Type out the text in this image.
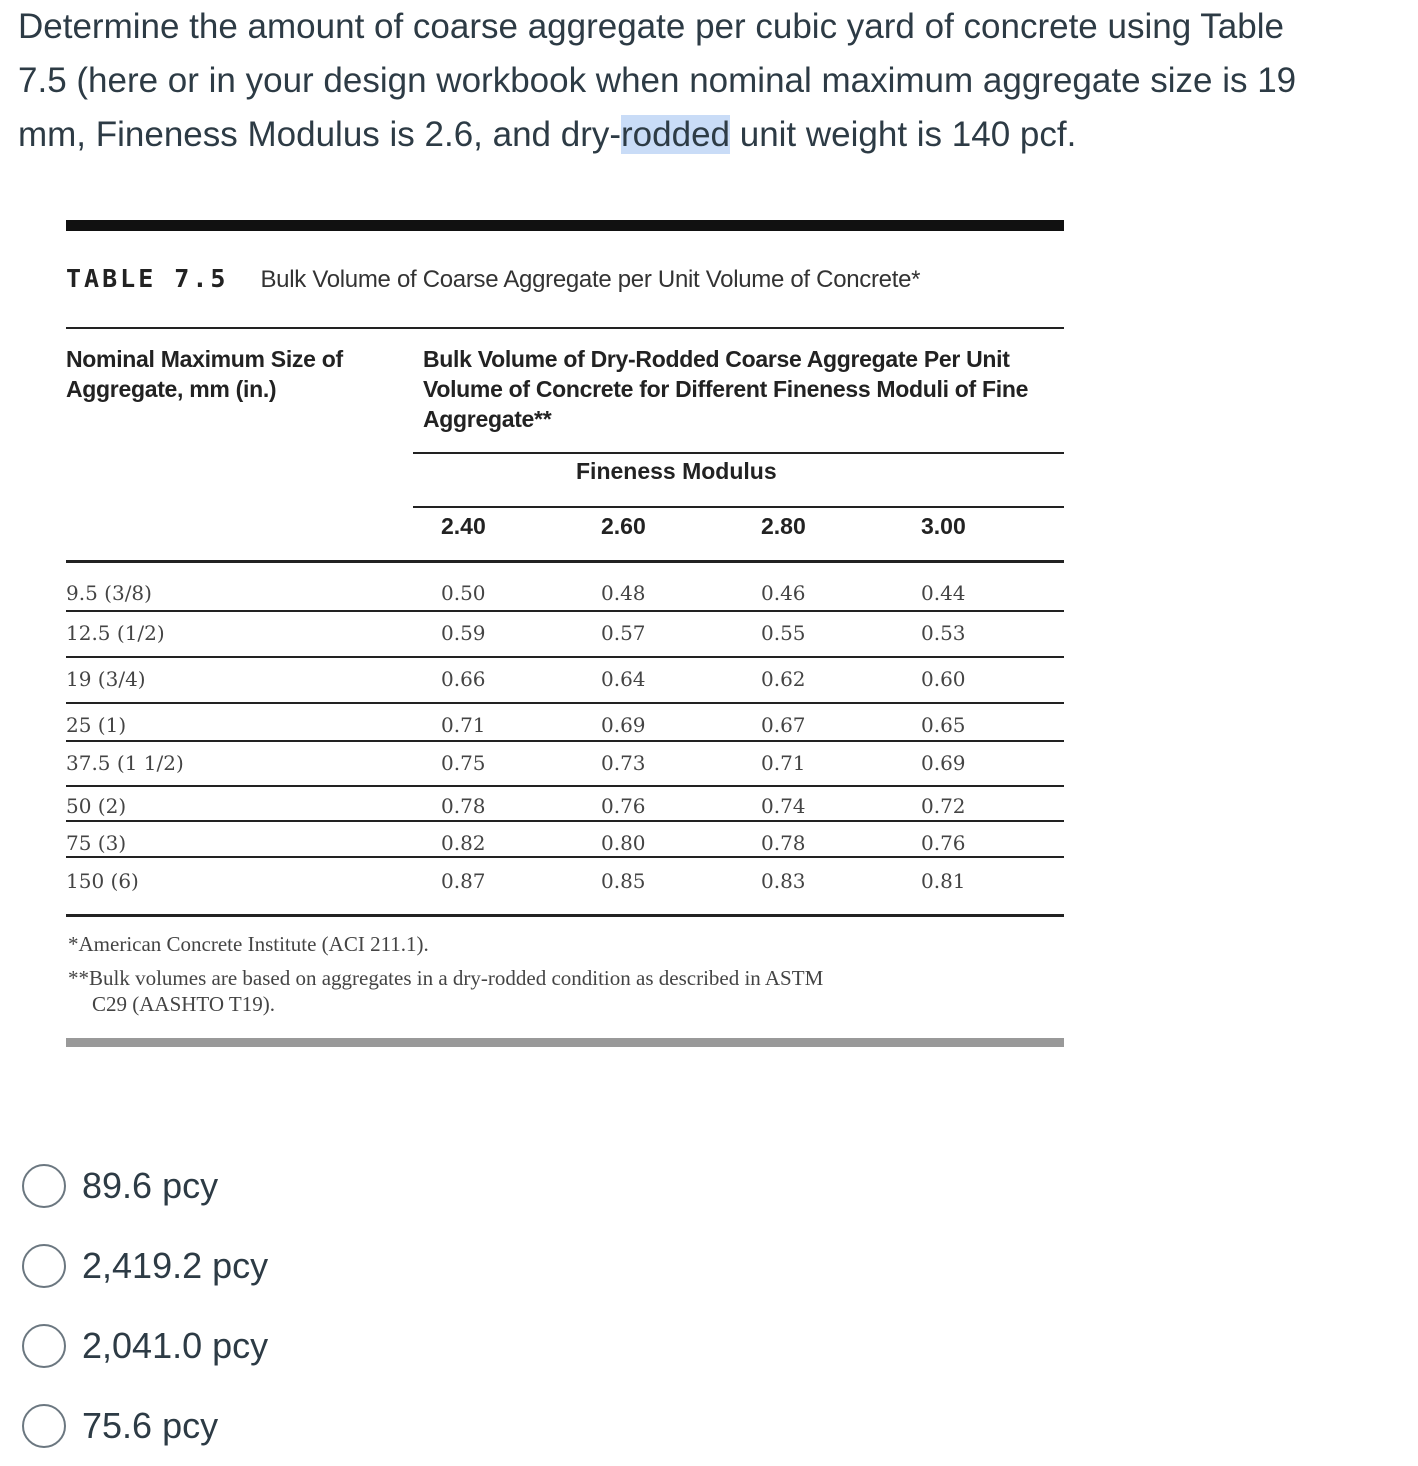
Determine the amount of coarse aggregate per cubic yard of concrete using Table
7.5 (here or in your design workbook when nominal maximum aggregate size is 19
mm, Fineness Modulus is 2.6, and dry-rodded unit weight is 140 pcf.
TABLE 7.5 Bulk Volume of Coarse Aggregate per Unit Volume of Concrete*
Nominal Maximum Size of Aggregate, mm (in.)
Bulk Volume of Dry-Rodded Coarse Aggregate Per Unit Volume of Concrete for Different Fineness Moduli of Fine Aggregate**
Fineness Modulus
2.40	2.60	2.80	3.00
9.5 (3/8)	0.50	0.48	0.46	0.44
12.5 (1/2)	0.59	0.57	0.55	0.53
19 (3/4)	0.66	0.64	0.62	0.60
25 (1)	0.71	0.69	0.67	0.65
37.5 (1 1/2)	0.75	0.73	0.71	0.69
50 (2)	0.78	0.76	0.74	0.72
75 (3)	0.82	0.80	0.78	0.76
150 (6)	0.87	0.85	0.83	0.81
*American Concrete Institute (ACI 211.1).
**Bulk volumes are based on aggregates in a dry-rodded condition as described in ASTM
C29 (AASHTO T19).
89.6 pcy
2,419.2 pcy
2,041.0 pcy
75.6 pcy
